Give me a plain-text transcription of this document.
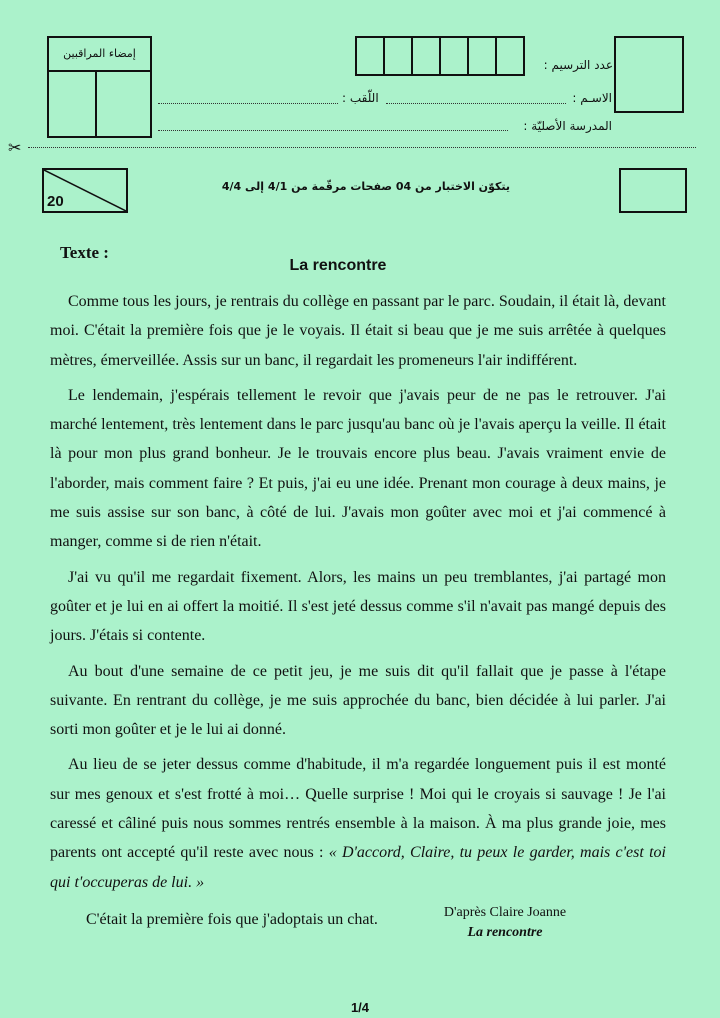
إمضاء المراقبين
عدد الترسيم :
الاسـم :
اللّقب :
المدرسة الأصليّة :
✂
20
يتكوّن الاختبار من 04 صفحات مرقّمة من 4/1 إلى 4/4
Texte :
La rencontre

Comme tous les jours, je rentrais du collège en passant par le parc. Soudain, il était là, devant moi. C'était la première fois que je le voyais. Il était si beau que je me suis arrêtée à quelques mètres, émerveillée. Assis sur un banc, il regardait les promeneurs l'air indifférent.

Le lendemain, j'espérais tellement le revoir que j'avais peur de ne pas le retrouver. J'ai marché lentement, très lentement dans le parc jusqu'au banc où je l'avais aperçu la veille. Il était là pour mon plus grand bonheur. Je le trouvais encore plus beau. J'avais vraiment envie de l'aborder, mais comment faire ? Et puis, j'ai eu une idée. Prenant mon courage à deux mains, je me suis assise sur son banc, à côté de lui. J'avais mon goûter avec moi et j'ai commencé à manger, comme si de rien n'était.

J'ai vu qu'il me regardait fixement. Alors, les mains un peu tremblantes, j'ai partagé mon goûter et je lui en ai offert la moitié. Il s'est jeté dessus comme s'il n'avait pas mangé depuis des jours. J'étais si contente.

Au bout d'une semaine de ce petit jeu, je me suis dit qu'il fallait que je passe à l'étape suivante. En rentrant du collège, je me suis approchée du banc, bien décidée à lui parler. J'ai sorti mon goûter et je le lui ai donné.

Au lieu de se jeter dessus comme d'habitude, il m'a regardée longuement puis il est monté sur mes genoux et s'est frotté à moi… Quelle surprise ! Moi qui le croyais si sauvage ! Je l'ai caressé et câliné puis nous sommes rentrés ensemble à la maison. À ma plus grande joie, mes parents ont accepté qu'il reste avec nous : « D'accord, Claire, tu peux le garder, mais c'est toi qui t'occuperas de lui. »

C'était la première fois que j'adoptais un chat.	D'après Claire Joanne
La rencontre
1/4
